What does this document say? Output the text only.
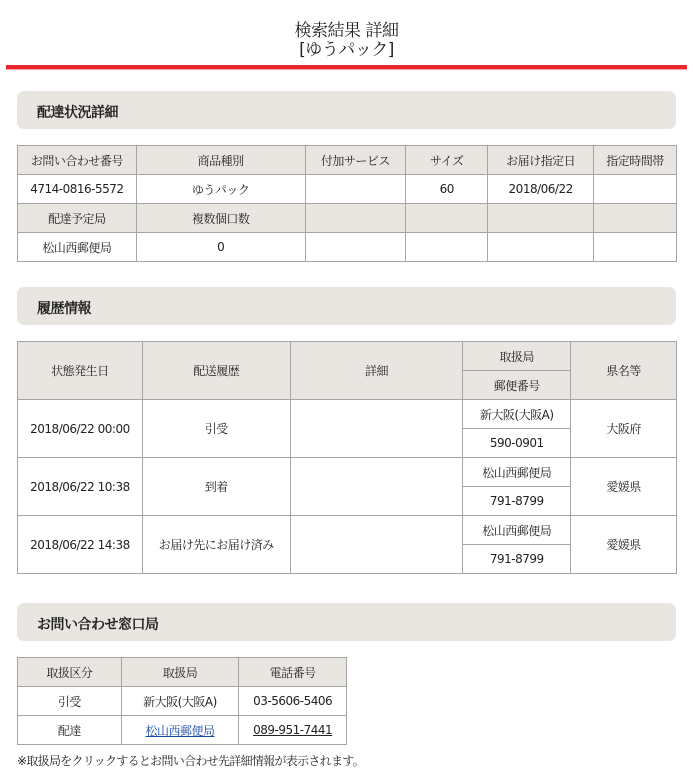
検索結果 詳細
[ゆうパック]
配達状況詳細
お問い合わせ番号	商品種別	付加サービス	サイズ	お届け指定日	指定時間帯
4714-0816-5572	ゆうパック		60	2018/06/22	
配達予定局	複数個口数				
松山西郵便局	0				
履歴情報
状態発生日	配送履歴	詳細	取扱局	県名等
			郵便番号	
2018/06/22 00:00	引受		新大阪(大阪A)	大阪府
			590-0901	
2018/06/22 10:38	到着		松山西郵便局	愛媛県
			791-8799	
2018/06/22 14:38	お届け先にお届け済み		松山西郵便局	愛媛県
			791-8799	
お問い合わせ窓口局
取扱区分	取扱局	電話番号
引受	新大阪(大阪A)	03-5606-5406
配達	松山西郵便局	089-951-7441
※取扱局をクリックするとお問い合わせ先詳細情報が表示されます。
